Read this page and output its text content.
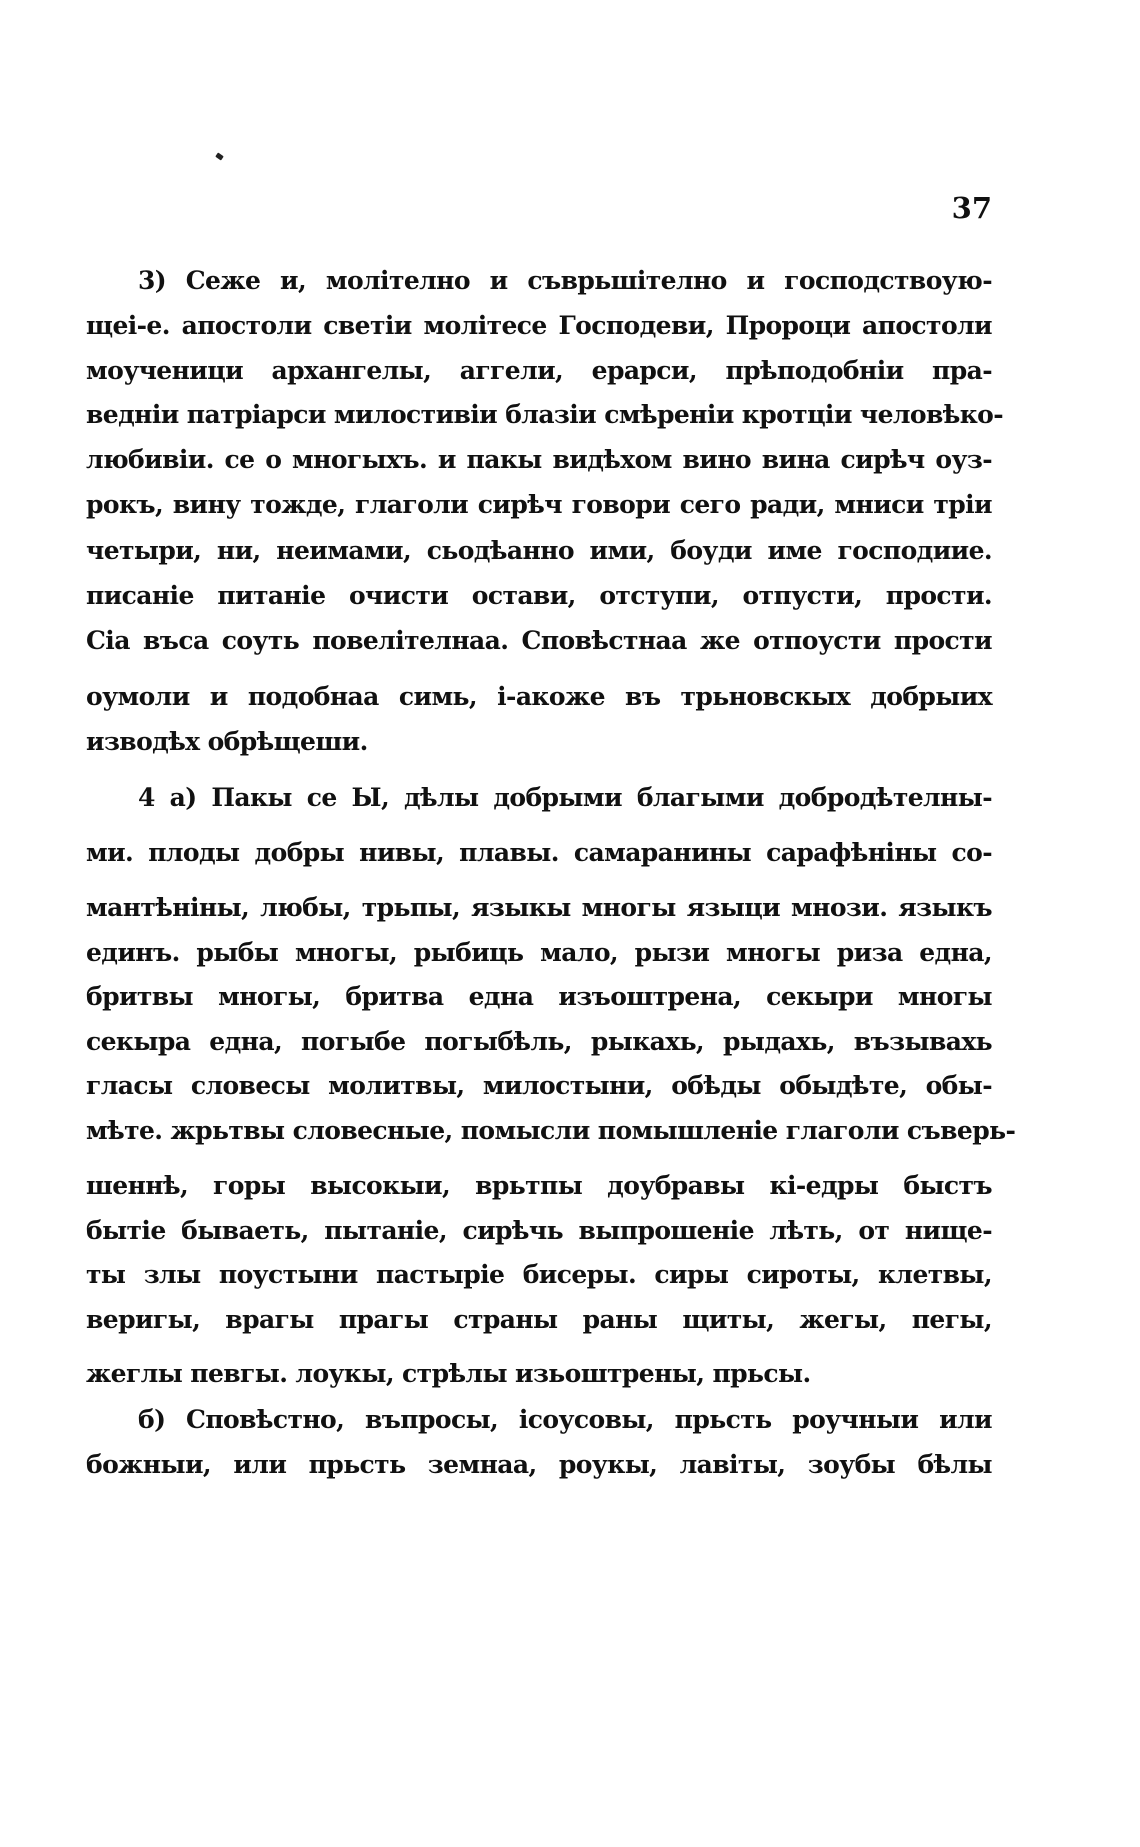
37
3) Сеже и, молітелно и съврьшітелно и господствоую-
щеі-е. апостоли светіи молітесе Господеви, Пророци апостоли
моученици архангелы, аггели, ерарси, прѣподобніи пра-
ведніи патріарси милостивіи блазіи смѣреніи кротціи человѣко-
любивіи. се о многыхъ. и пакы видѣхом вино вина сирѣч оуз-
рокъ, вину тожде, глаголи сирѣч говори сего ради, мниси тріи
четыри, ни, неимами, сьодѣанно ими, боуди име господиие.
писаніе питаніе очисти остави, отступи, отпусти, прости.
Сіа въса соуть повелітелнаа. Сповѣстнаа же отпоусти прости
оумоли и подобнаа симь, і-акоже въ трьновскых добрыих
изводѣх обрѣщеши.
4 а) Пакы се Ы, дѣлы добрыми благыми добродѣтелны-
ми. плоды добры нивы, плавы. самаранины сарафѣніны со-
мантѣніны, любы, трьпы, языкы многы языци мнози. языкъ
единъ. рыбы многы, рыбиць мало, рызи многы риза една,
бритвы многы, бритва една изъоштрена, секыри многы
секыра една, погыбе погыбѣль, рыкахь, рыдахь, възывахь
гласы словесы молитвы, милостыни, обѣды обыдѣте, обы-
мѣте. жрьтвы словесные, помысли помышленіе глаголи съверь-
шеннѣ, горы высокыи, врьтпы доубравы кі-едры быстъ
бытіе бываеть, пытаніе, сирѣчь выпрошеніе лѣть, от нище-
ты злы поустыни пастыріе бисеры. сиры сироты, клетвы,
веригы, врагы прагы страны раны щиты, жегы, пегы,
жеглы певгы. лоукы, стрѣлы изьоштрены, прьсы.
б) Сповѣстно, въпросы, ісоусовы, прьсть роучныи или
божныи, или прьсть земнаа, роукы, лавіты, зоубы бѣлы
